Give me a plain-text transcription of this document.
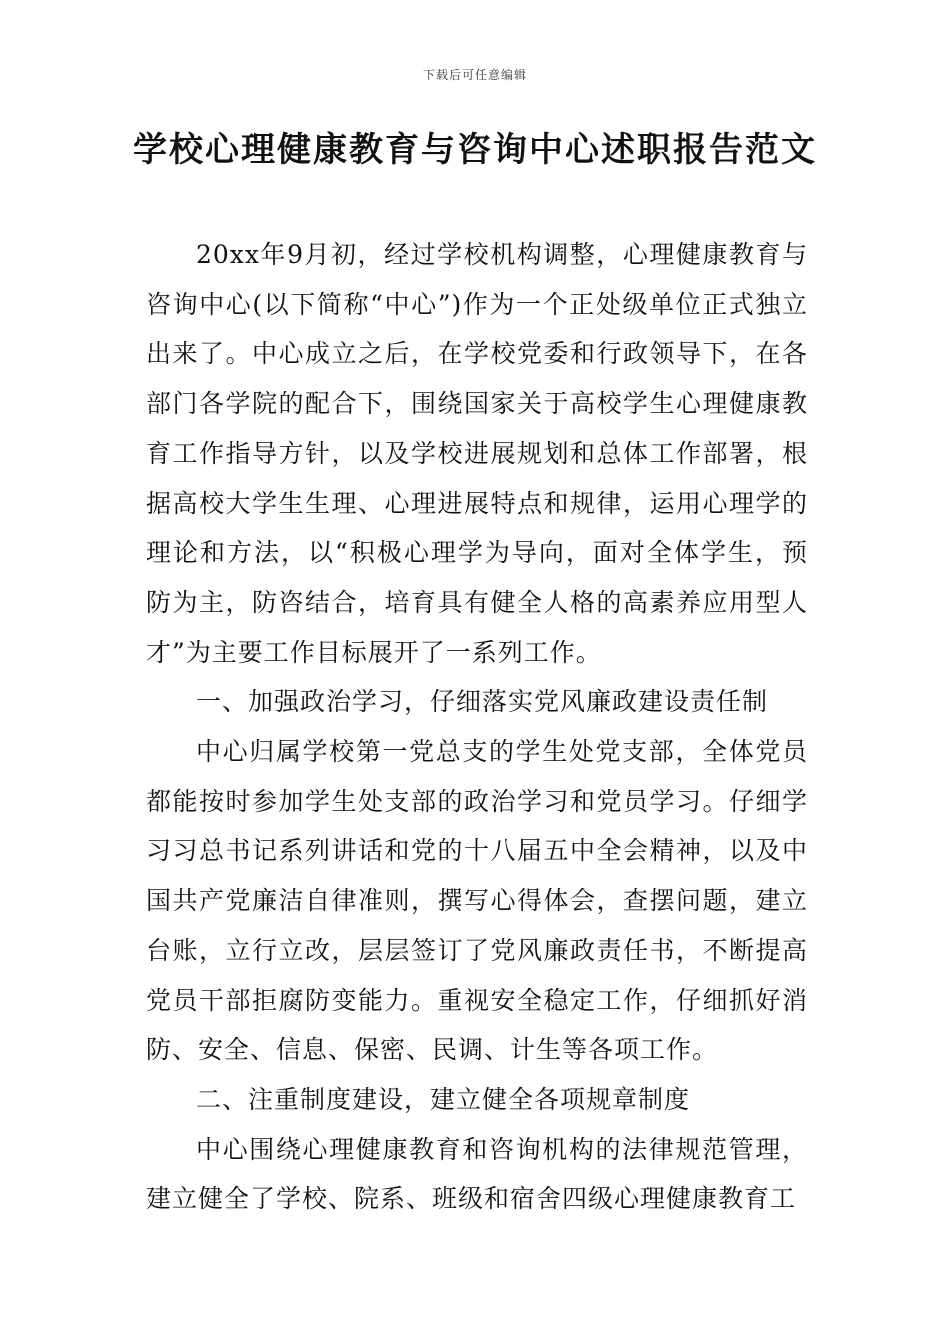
下载后可任意编辑
学校心理健康教育与咨询中心述职报告范文

20xx年9月初，经过学校机构调整，心理健康教育与咨询中心(以下简称“中心”)作为一个正处级单位正式独立出来了。中心成立之后，在学校党委和行政领导下，在各部门各学院的配合下，围绕国家关于高校学生心理健康教育工作指导方针，以及学校进展规划和总体工作部署，根据高校大学生生理、心理进展特点和规律，运用心理学的理论和方法，以“积极心理学为导向，面对全体学生，预防为主，防咨结合，培育具有健全人格的高素养应用型人才”为主要工作目标展开了一系列工作。

一、加强政治学习，仔细落实党风廉政建设责任制

中心归属学校第一党总支的学生处党支部，全体党员都能按时参加学生处支部的政治学习和党员学习。仔细学习习总书记系列讲话和党的十八届五中全会精神，以及中国共产党廉洁自律准则，撰写心得体会，查摆问题，建立台账，立行立改，层层签订了党风廉政责任书，不断提高党员干部拒腐防变能力。重视安全稳定工作，仔细抓好消防、安全、信息、保密、民调、计生等各项工作。

二、注重制度建设，建立健全各项规章制度

中心围绕心理健康教育和咨询机构的法律规范管理，建立健全了学校、院系、班级和宿舍四级心理健康教育工
